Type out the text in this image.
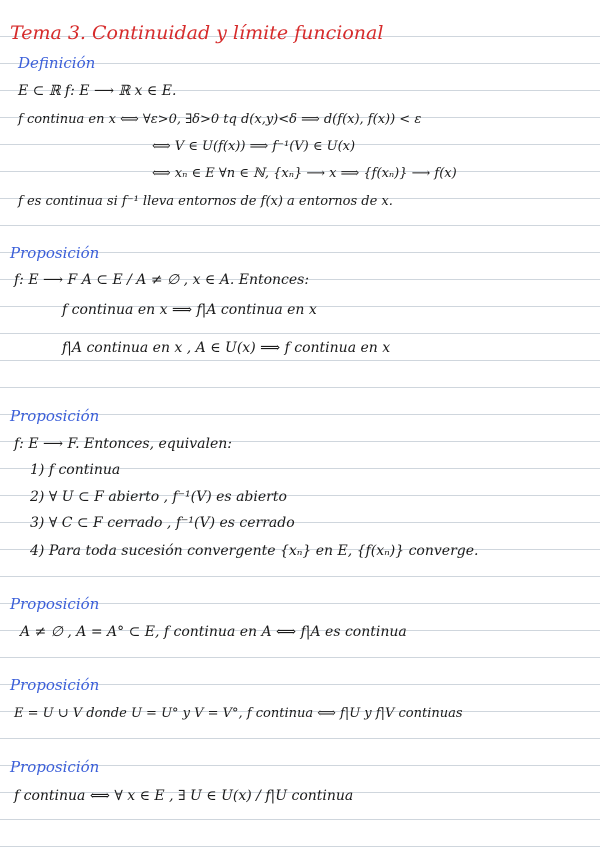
Tema 3. Continuidad y límite funcional
Definición
E ⊂ ℝ f: E ⟶ ℝ x ∈ E.
f continua en x ⟺ ∀ε>0, ∃δ>0 tq d(x,y)<δ ⟹ d(f(x), f(x)) < ε
⟺ V ∈ U(f(x)) ⟹ f⁻¹(V) ∈ U(x)
⟺ xₙ ∈ E ∀n ∈ ℕ, {xₙ} ⟶ x ⟹ {f(xₙ)} ⟶ f(x)
f es continua si f⁻¹ lleva entornos de f(x) a entornos de x.
Proposición
f: E ⟶ F A ⊂ E / A ≠ ∅ , x ∈ A. Entonces:
f continua en x ⟹ f|A continua en x
f|A continua en x , A ∈ U(x) ⟹ f continua en x
Proposición
f: E ⟶ F. Entonces, equivalen:
1) f continua
2) ∀ U ⊂ F abierto , f⁻¹(V) es abierto
3) ∀ C ⊂ F cerrado , f⁻¹(V) es cerrado
4) Para toda sucesión convergente {xₙ} en E, {f(xₙ)} converge.
Proposición
A ≠ ∅ , A = A° ⊂ E, f continua en A ⟺ f|A es continua
Proposición
E = U ∪ V donde U = U° y V = V°, f continua ⟺ f|U y f|V continuas
Proposición
f continua ⟺ ∀ x ∈ E , ∃ U ∈ U(x) / f|U continua
